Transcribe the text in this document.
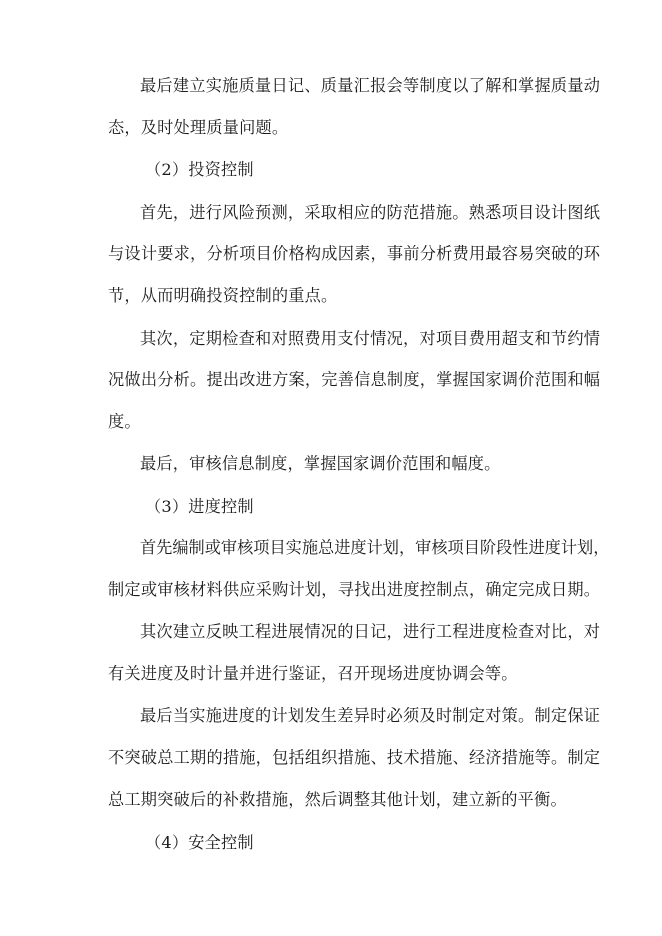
最后建立实施质量日记、质量汇报会等制度以了解和掌握质量动
态，及时处理质量问题。
（2）投资控制
首先，进行风险预测，采取相应的防范措施。熟悉项目设计图纸
与设计要求，分析项目价格构成因素，事前分析费用最容易突破的环
节，从而明确投资控制的重点。
其次，定期检查和对照费用支付情况，对项目费用超支和节约情
况做出分析。提出改进方案，完善信息制度，掌握国家调价范围和幅
度。
最后，审核信息制度，掌握国家调价范围和幅度。
（3）进度控制
首先编制或审核项目实施总进度计划，审核项目阶段性进度计划，
制定或审核材料供应采购计划，寻找出进度控制点，确定完成日期。
其次建立反映工程进展情况的日记，进行工程进度检查对比，对
有关进度及时计量并进行鉴证，召开现场进度协调会等。
最后当实施进度的计划发生差异时必须及时制定对策。制定保证
不突破总工期的措施，包括组织措施、技术措施、经济措施等。制定
总工期突破后的补救措施，然后调整其他计划，建立新的平衡。
（4）安全控制
